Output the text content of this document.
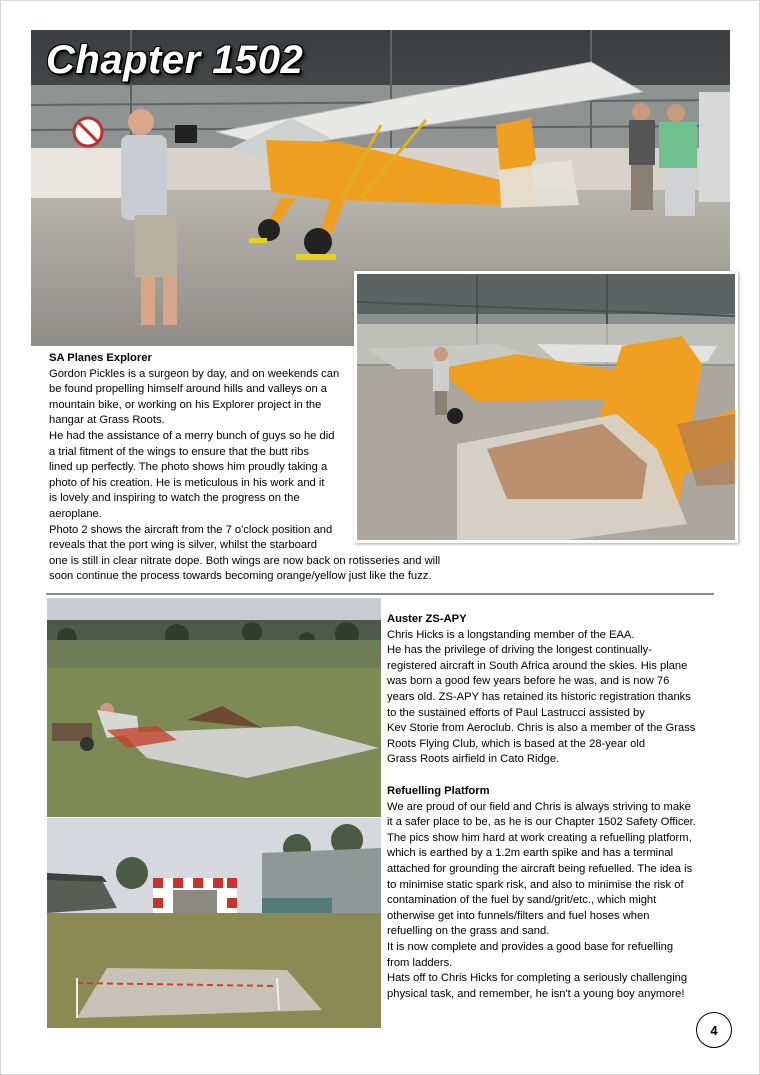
Chapter 1502
SA Planes Explorer

Gordon Pickles is a surgeon by day, and on weekends can

be found propelling himself around hills and valleys on a

mountain bike, or working on his Explorer project in the

hangar at Grass Roots.

He had the assistance of a merry bunch of guys so he did

a trial fitment of the wings to ensure that the butt ribs

lined up perfectly. The photo shows him proudly taking a

photo of his creation. He is meticulous in his work and it

is lovely and inspiring to watch the progress on the

aeroplane.

Photo 2 shows the aircraft from the 7 o'clock position and

reveals that the port wing is silver, whilst the starboard

one is still in clear nitrate dope. Both wings are now back on rotisseries and will

soon continue the process towards becoming orange/yellow just like the fuzz.

Auster ZS-APY

Chris Hicks is a longstanding member of the EAA.

He has the privilege of driving the longest continually-

registered aircraft in South Africa around the skies. His plane

was born a good few years before he was, and is now 76

years old. ZS-APY has retained its historic registration thanks

to the sustained efforts of Paul Lastrucci assisted by

Kev Storie from Aeroclub. Chris is also a member of the Grass

Roots Flying Club, which is based at the 28-year old

Grass Roots airfield in Cato Ridge.

Refuelling Platform

We are proud of our field and Chris is always striving to make

it a safer place to be, as he is our Chapter 1502 Safety Officer.

The pics show him hard at work creating a refuelling platform,

which is earthed by a 1.2m earth spike and has a terminal

attached for grounding the aircraft being refuelled. The idea is

to minimise static spark risk, and also to minimise the risk of

contamination of the fuel by sand/grit/etc., which might

otherwise get into funnels/filters and fuel hoses when

refuelling on the grass and sand.

It is now complete and provides a good base for refuelling

from ladders.

Hats off to Chris Hicks for completing a seriously challenging

physical task, and remember, he isn't a young boy anymore!

4
